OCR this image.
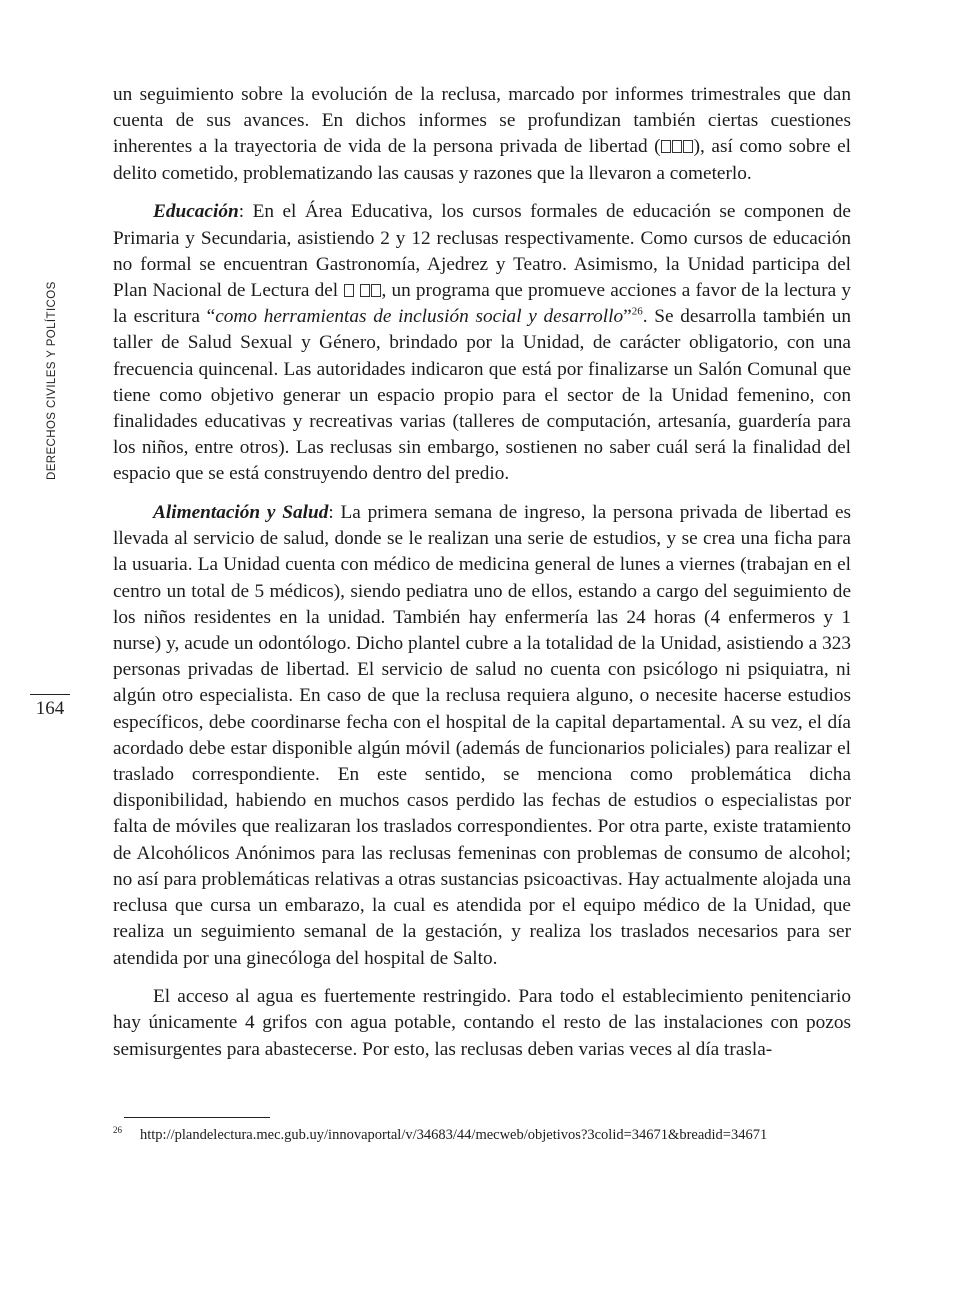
DERECHOS CIVILES Y POLÍTICOS
164

un seguimiento sobre la evolución de la reclusa, marcado por informes trimestrales que dan cuenta de sus avances. En dichos informes se profundizan también ciertas cuestiones inherentes a la trayectoria de vida de la persona privada de libertad ( ), así como sobre el delito cometido, problematizando las causas y razones que la llevaron a cometerlo.

Educación: En el Área Educativa, los cursos formales de educación se componen de Primaria y Secundaria, asistiendo 2 y 12 reclusas respectivamente. Como cursos de educación no formal se encuentran Gastronomía, Ajedrez y Teatro. Asimismo, la Unidad participa del Plan Nacional de Lectura del  , un programa que promueve acciones a favor de la lectura y la escritura “como herramientas de inclusión social y desarrollo”$^{26}$. Se desarrolla también un taller de Salud Sexual y Género, brindado por la Unidad, de carácter obligatorio, con una frecuencia quincenal. Las autoridades indicaron que está por finalizarse un Salón Comunal que tiene como objetivo generar un espacio propio para el sector de la Unidad femenino, con finalidades educativas y recreativas varias (talleres de computación, artesanía, guardería para los niños, entre otros). Las reclusas sin embargo, sostienen no saber cuál será la finalidad del espacio que se está construyendo dentro del predio.

Alimentación y Salud: La primera semana de ingreso, la persona privada de libertad es llevada al servicio de salud, donde se le realizan una serie de estudios, y se crea una ficha para la usuaria. La Unidad cuenta con médico de medicina general de lunes a viernes (trabajan en el centro un total de 5 médicos), siendo pediatra uno de ellos, estando a cargo del seguimiento de los niños residentes en la unidad. También hay enfermería las 24 horas (4 enfermeros y 1 nurse) y, acude un odontólogo. Dicho plantel cubre a la totalidad de la Unidad, asistiendo a 323 personas privadas de libertad. El servicio de salud no cuenta con psicólogo ni psiquiatra, ni algún otro especialista. En caso de que la reclusa requiera alguno, o necesite hacerse estudios específicos, debe coordinarse fecha con el hospital de la capital departamental. A su vez, el día acordado debe estar disponible algún móvil (además de funcionarios policiales) para realizar el traslado correspondiente. En este sentido, se menciona como problemática dicha disponibilidad, habiendo en muchos casos perdido las fechas de estudios o especialistas por falta de móviles que realizaran los traslados correspondientes. Por otra parte, existe tratamiento de Alcohólicos Anónimos para las reclusas femeninas con problemas de consumo de alcohol; no así para problemáticas relativas a otras sustancias psicoactivas. Hay actualmente alojada una reclusa que cursa un embarazo, la cual es atendida por el equipo médico de la Unidad, que realiza un seguimiento semanal de la gestación, y realiza los traslados necesarios para ser atendida por una ginecóloga del hospital de Salto.

El acceso al agua es fuertemente restringido. Para todo el establecimiento penitenciario hay únicamente 4 grifos con agua potable, contando el resto de las instalaciones con pozos semisurgentes para abastecerse. Por esto, las reclusas deben varias veces al día trasla-

$^{26}$ http://plandelectura.mec.gub.uy/innovaportal/v/34683/44/mecweb/objetivos?3colid=34671&breadid=34671
